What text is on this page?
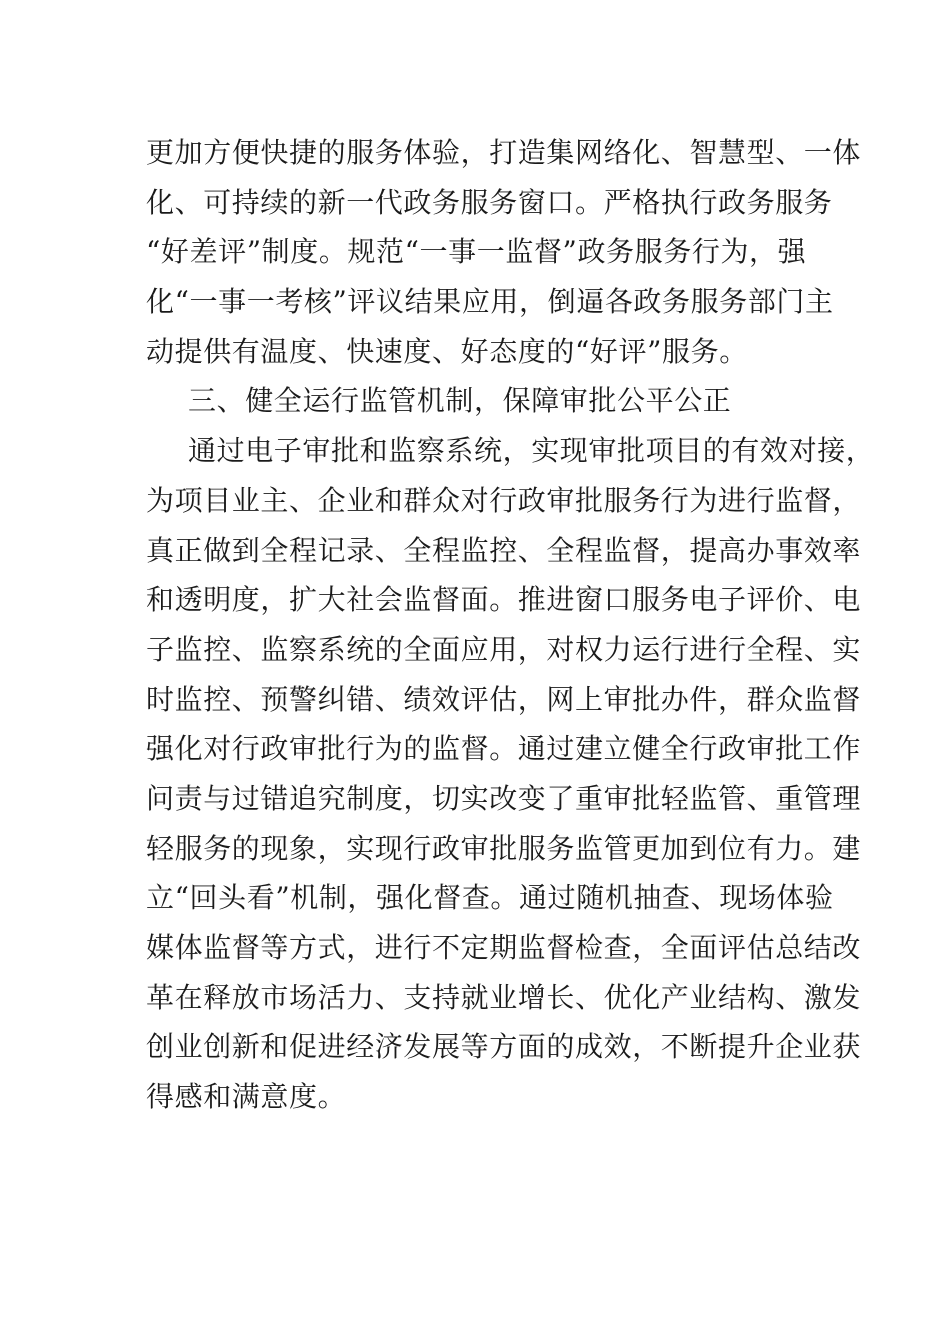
更加方便快捷的服务体验，打造集网络化、智慧型、一体
化、可持续的新一代政务服务窗口。严格执行政务服务
“好差评”制度。规范“一事一监督”政务服务行为，强
化“一事一考核”评议结果应用，倒逼各政务服务部门主
动提供有温度、快速度、好态度的“好评”服务。
三、健全运行监管机制，保障审批公平公正
通过电子审批和监察系统，实现审批项目的有效对接，
为项目业主、企业和群众对行政审批服务行为进行监督，
真正做到全程记录、全程监控、全程监督，提高办事效率
和透明度，扩大社会监督面。推进窗口服务电子评价、电
子监控、监察系统的全面应用，对权力运行进行全程、实
时监控、预警纠错、绩效评估，网上审批办件，群众监督
强化对行政审批行为的监督。通过建立健全行政审批工作
问责与过错追究制度，切实改变了重审批轻监管、重管理
轻服务的现象，实现行政审批服务监管更加到位有力。建
立“回头看”机制，强化督查。通过随机抽查、现场体验
媒体监督等方式，进行不定期监督检查，全面评估总结改
革在释放市场活力、支持就业增长、优化产业结构、激发
创业创新和促进经济发展等方面的成效，不断提升企业获
得感和满意度。
